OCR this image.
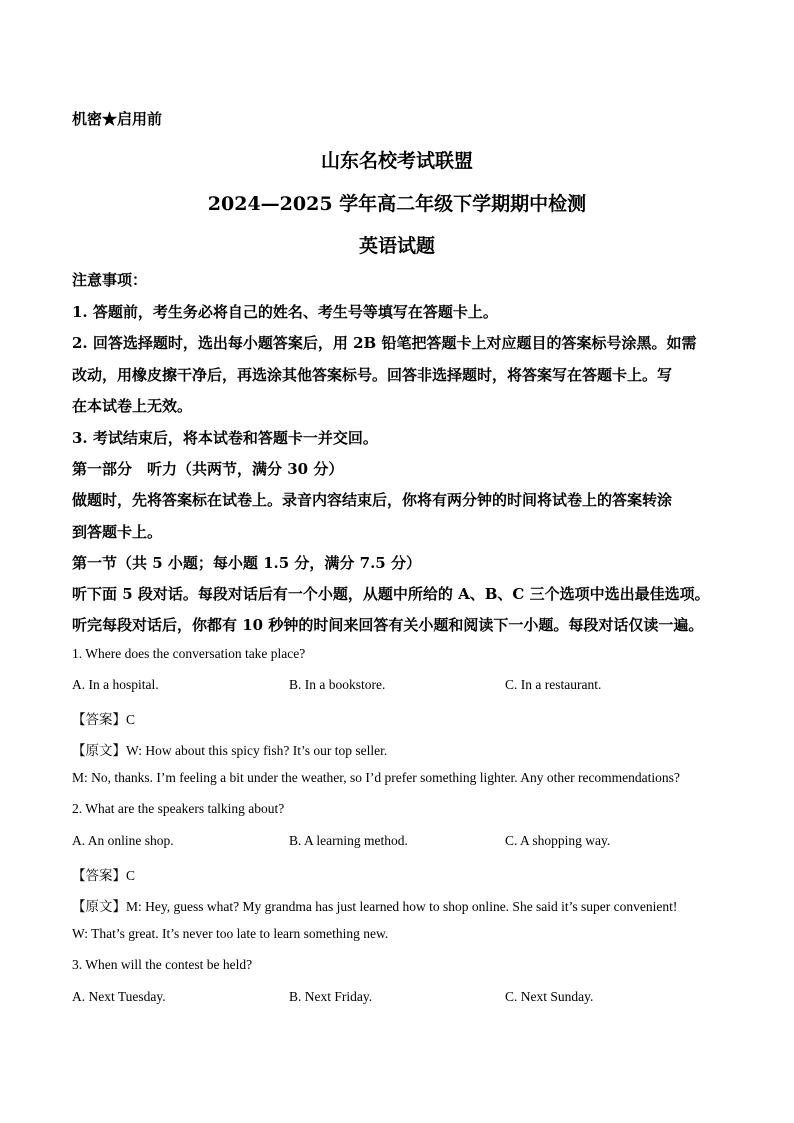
机密★启用前
山东名校考试联盟
2024—2025 学年高二年级下学期期中检测
英语试题
注意事项：
1. 答题前，考生务必将自己的姓名、考生号等填写在答题卡上。
2. 回答选择题时，选出每小题答案后，用 2B 铅笔把答题卡上对应题目的答案标号涂黑。如需
改动，用橡皮擦干净后，再选涂其他答案标号。回答非选择题时，将答案写在答题卡上。写
在本试卷上无效。
3. 考试结束后，将本试卷和答题卡一并交回。
第一部分　听力（共两节，满分 30 分）
做题时，先将答案标在试卷上。录音内容结束后，你将有两分钟的时间将试卷上的答案转涂
到答题卡上。
第一节（共 5 小题；每小题 1.5 分，满分 7.5 分）
听下面 5 段对话。每段对话后有一个小题，从题中所给的 A、B、C 三个选项中选出最佳选项。
听完每段对话后，你都有 10 秒钟的时间来回答有关小题和阅读下一小题。每段对话仅读一遍。
1. Where does the conversation take place?
A. In a hospital.	B. In a bookstore.	C. In a restaurant.
【答案】C
【原文】W: How about this spicy fish? It’s our top seller.
M: No, thanks. I’m feeling a bit under the weather, so I’d prefer something lighter. Any other recommendations?
2. What are the speakers talking about?
A. An online shop.	B. A learning method.	C. A shopping way.
【答案】C
【原文】M: Hey, guess what? My grandma has just learned how to shop online. She said it’s super convenient!
W: That’s great. It’s never too late to learn something new.
3. When will the contest be held?
A. Next Tuesday.	B. Next Friday.	C. Next Sunday.
